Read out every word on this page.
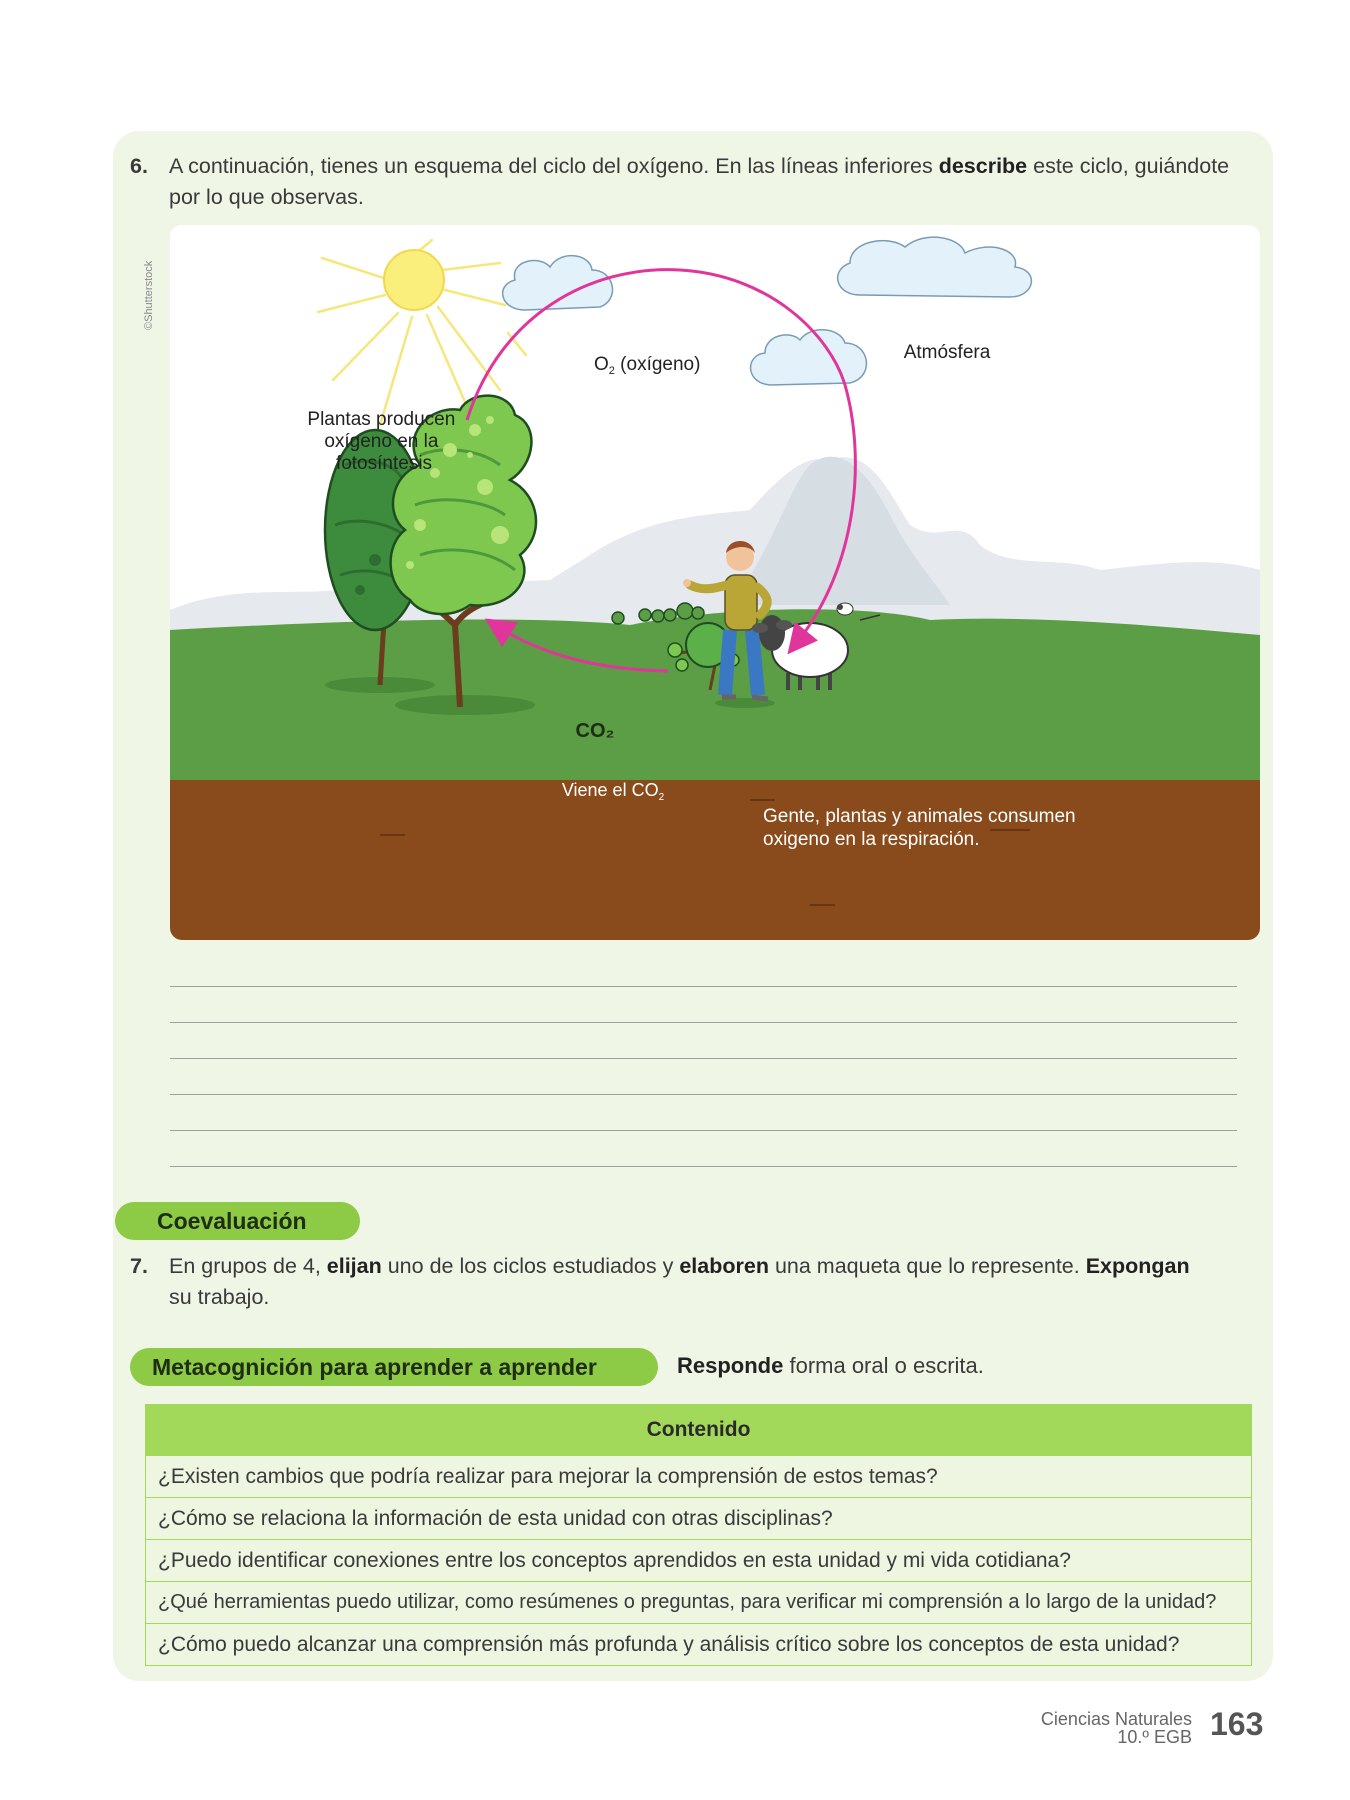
6. A continuación, tienes un esquema del ciclo del oxígeno. En las líneas inferiores describe este ciclo, guiándote
por lo que observas.
©Shutterstock
Plantas producen oxígeno en la fotosíntesis
$O_2$ (oxígeno)
Atmósfera
CO₂
Viene el $CO_2$
Gente, plantas y animales consumen oxigeno en la respiración.
Coevaluación
7. En grupos de 4, elijan uno de los ciclos estudiados y elaboren una maqueta que lo represente. Expongan
su trabajo.
Metacognición para aprender a aprender	Responde forma oral o escrita.
Contenido
¿Existen cambios que podría realizar para mejorar la comprensión de estos temas?
¿Cómo se relaciona la información de esta unidad con otras disciplinas?
¿Puedo identificar conexiones entre los conceptos aprendidos en esta unidad y mi vida cotidiana?
¿Qué herramientas puedo utilizar, como resúmenes o preguntas, para verificar mi comprensión a lo largo de la unidad?
¿Cómo puedo alcanzar una comprensión más profunda y análisis crítico sobre los conceptos de esta unidad?
Ciencias Naturales
10.º EGB 163
